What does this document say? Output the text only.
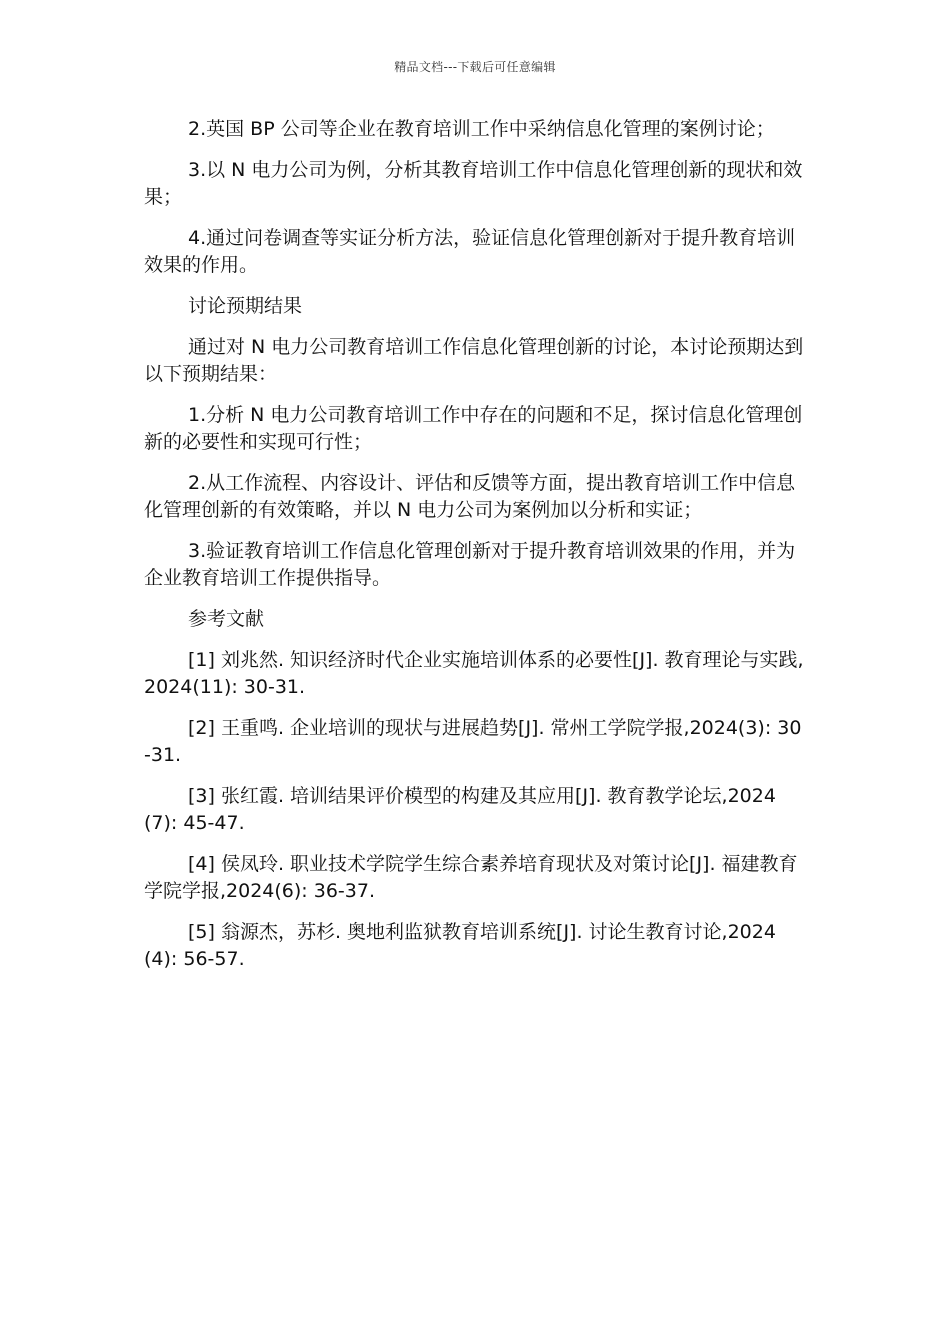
精品文档---下载后可任意编辑

2.英国 BP 公司等企业在教育培训工作中采纳信息化管理的案例讨论；

3.以 N 电力公司为例，分析其教育培训工作中信息化管理创新的现状和效果；

4.通过问卷调查等实证分析方法，验证信息化管理创新对于提升教育培训效果的作用。

讨论预期结果

通过对 N 电力公司教育培训工作信息化管理创新的讨论，本讨论预期达到以下预期结果：

1.分析 N 电力公司教育培训工作中存在的问题和不足，探讨信息化管理创新的必要性和实现可行性；

2.从工作流程、内容设计、评估和反馈等方面，提出教育培训工作中信息化管理创新的有效策略，并以 N 电力公司为案例加以分析和实证；

3.验证教育培训工作信息化管理创新对于提升教育培训效果的作用，并为企业教育培训工作提供指导。

参考文献

[1] 刘兆然. 知识经济时代企业实施培训体系的必要性[J]. 教育理论与实践,2024(11): 30-31.

[2] 王重鸣. 企业培训的现状与进展趋势[J]. 常州工学院学报,2024(3): 30-31.

[3] 张红霞. 培训结果评价模型的构建及其应用[J]. 教育教学论坛,2024(7): 45-47.

[4] 侯凤玲. 职业技术学院学生综合素养培育现状及对策讨论[J]. 福建教育学院学报,2024(6): 36-37.

[5] 翁源杰，苏杉. 奥地利监狱教育培训系统[J]. 讨论生教育讨论,2024(4): 56-57.
